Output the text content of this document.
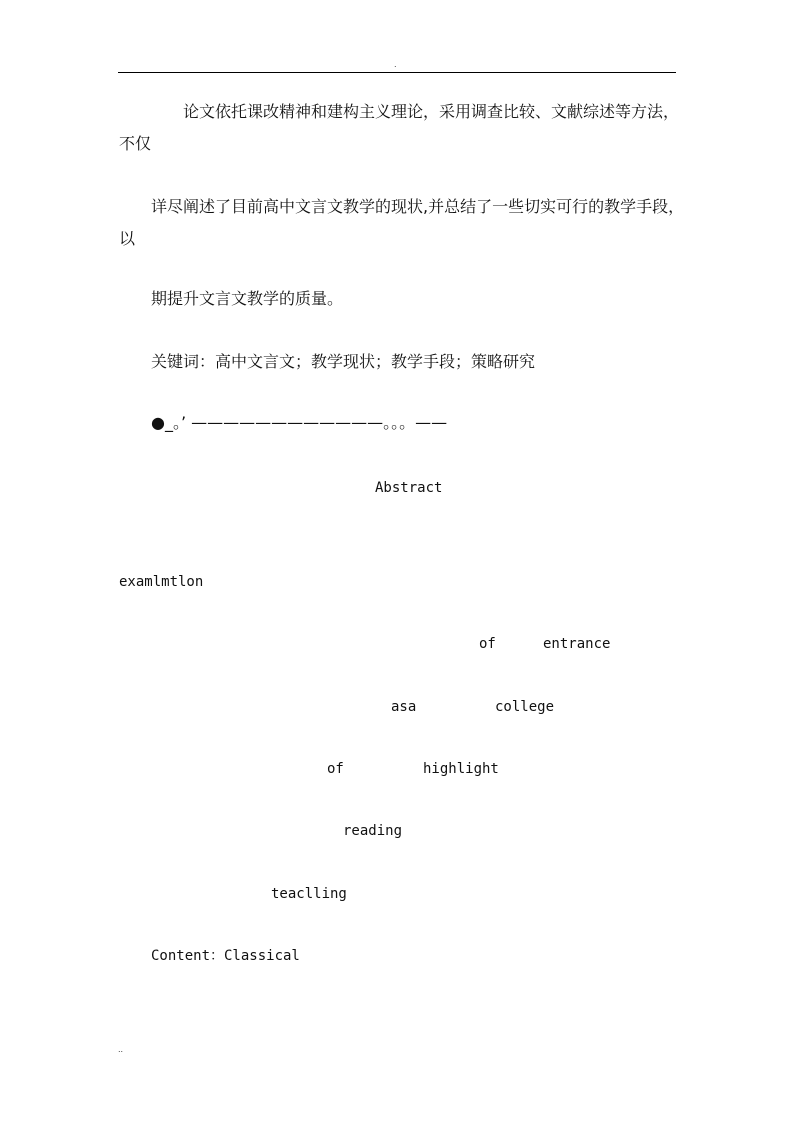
.
论文依托课改精神和建构主义理论，采用调查比较、文献综述等方法，
不仅
详尽阐述了目前高中文言文教学的现状,并总结了一些切实可行的教学手段，
以
期提升文言文教学的质量。
关键词：高中文言文；教学现状；教学手段；策略研究
●_。’ ————————————。。。——
Abstract
examlmtlon
of	entrance
asa	college
of	highlight
reading
teaclling
Content：Classical
..
